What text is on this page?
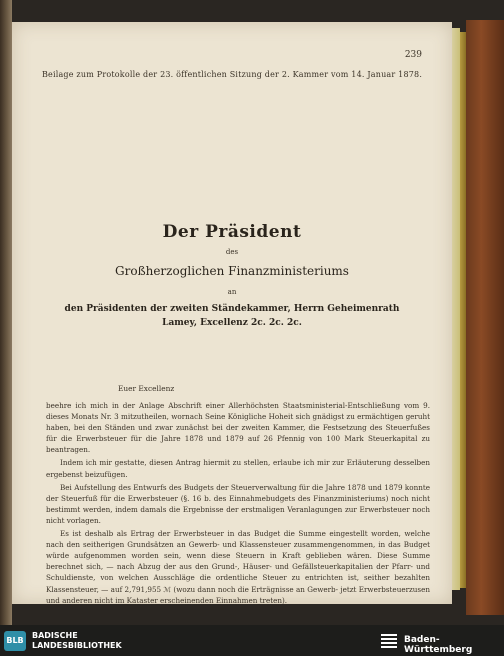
239
Beilage zum Protokolle der 23. öffentlichen Sitzung der 2. Kammer vom 14. Januar 1878.
Der Präsident
des
Großherzoglichen Finanzministeriums
an
den Präsidenten der zweiten Ständekammer, Herrn Geheimenrath
Lamey, Excellenz 2c. 2c. 2c.
Euer Excellenz

beehre ich mich in der Anlage Abschrift einer Allerhöchsten Staatsministerial-Entschließung vom 9. dieses Monats Nr. 3 mitzutheilen, wornach Seine Königliche Hoheit sich gnädigst zu ermächtigen geruht haben, bei den Ständen und zwar zunächst bei der zweiten Kammer, die Festsetzung des Steuerfußes für die Erwerbsteuer für die Jahre 1878 und 1879 auf 26 Pfennig von 100 Mark Steuerkapital zu beantragen.

Indem ich mir gestatte, diesen Antrag hiermit zu stellen, erlaube ich mir zur Erläuterung desselben ergebenst beizufügen.

Bei Aufstellung des Entwurfs des Budgets der Steuerverwaltung für die Jahre 1878 und 1879 konnte der Steuerfuß für die Erwerbsteuer (§. 16 b. des Einnahmebudgets des Finanzministeriums) noch nicht bestimmt werden, indem damals die Ergebnisse der erstmaligen Veranlagungen zur Erwerbsteuer noch nicht vorlagen.

Es ist deshalb als Ertrag der Erwerbsteuer in das Budget die Summe eingestellt worden, welche nach den seitherigen Grundsätzen an Gewerb- und Klassensteuer zusammengenommen, in das Budget würde aufgenommen worden sein, wenn diese Steuern in Kraft geblieben wären. Diese Summe berechnet sich, — nach Abzug der aus den Grund-, Häuser- und Gefällsteuerkapitalien der Pfarr- und Schuldienste, von welchen Ausschläge die ordentliche Steuer zu entrichten ist, seither bezahlten Klassensteuer, — auf 2,791,955 ℳ (wozu dann noch die Erträgnisse an Gewerb- jetzt Erwerbsteuerzusen und anderen nicht im Kataster erscheinenden Einnahmen treten).

BLB
BADISCHE
LANDESBIBLIOTHEK
Baden-Württemberg
